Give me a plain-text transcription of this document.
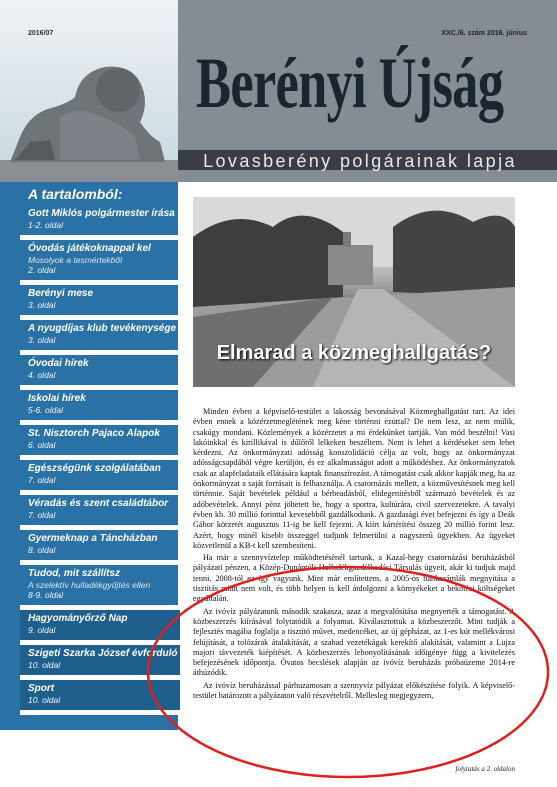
2016/07	XXC./6. szám 2016. június
Berényi Újság
Lovasberény polgárainak lapja
A tartalomból:
Gott Miklós polgármester írása
1-2. oldal
Óvodás játékoknappal kel
Mosolyok a tesmértekből
2. oldal
Berényi mese
3. oldal
A nyugdíjas klub tevékenysége
3. oldal
Óvodai hírek
4. oldal
Iskolai hírek
5-6. oldal
St. Nisztorch Pajaco Alapok
6. oldal
Egészségünk szolgálatában
7. oldal
Véradás és szent családtábor
7. oldal
Gyermeknap a Táncházban
8. oldal
Tudod, mit szállítsz
A szelektív hulladékgyűjtés ellen
8-9. oldal
Hagyományőrző Nap
9. oldal
Szigeti Szarka József évforduló
10. oldal
Sport
10. oldal
Elmarad a közmeghallgatás?

Minden évben a képviselő-testület a lakosság bevonásával Közmeghallgatást tart. Az idei évben ennek a közérzetmeglétének meg kéne történni ezúttal? De nem lesz, az nem múlik, csakúgy mondani. Közlemények a közérzetet a mi érdekünket tartják. Van mód beszélni! Vasi lakóinkkal és kirillikával is dűlőről lelkeken beszéltem. Nem is lehet a kérdéseket sem lehet kérdezni. Az önkormányzati adósság konszolidáció célja az volt, hogy az önkormányzat adósságcsapdából végre kerüljön, és ez alkalmasságot adott a működéshez. Az önkormányzatok csak az alapfeladataik ellátására kaptak finanszírozást. A támogatást csak akkor kapják meg, ha az önkormányzat a saját forrásait is felhasználja. A csatornázás mellett, a közművesítésnek meg kell történnie. Saját bevételek például a bérbeadásból, elidegenítésből származó bevételek és az adóbevételek. Annyi pénz jöhetett be, hogy a sportra, kultúrára, civil szervezetekre. A tavalyi évben kb. 30 millió forinttal kevesebből gazdálkodunk. A gazdasági évet befejezni és így a Deák Gábor körzetét augusztus 11-ig be kell fejezni. A kiírt kártérítési összeg 20 millió forint lesz. Azért, hogy minél kisebb összeggel tudjunk felmerülni a nagyszerű ügyekben. Az ügyeket közvetlenül a KB-t kell szembesíteni.

Ha már a szennyvíztelep működtetésénél tartunk, a Kazal-hegy csatornázási beruházásból pályázati pénzen, a Közép-Dunántúli Hulladékgazdálkodási Társulás ügyeit, akár ki tudjuk majd tenni. 2008-tól ez így vagyunk. Mint már említettem, a 2005-ös bankszámlák megnyitása a tisztítás miatt nem volt, és több helyen is kell átdolgozni a környékeket a bekötési költségeket egyáltalán.

Az ivóvíz pályázatunk második szakasza, azaz a megvalósítása megnyerték a támogatást. A közbeszerzés kiírásával folytatódik a folyamat. Kiválasztottuk a közbeszerzőt. Mint tudják a fejlesztés magába foglalja a tisztító művet, medencéket, az új gépházat, az 1-es kút mellékvárosi felújítását, a tolózárak átalakítását, a szabad vezetékágak kerekítő alakítását, valamint a Lujza majori távvezeték kiépítését. A közbeszerzés lebonyolításának időigénye függ a kivitelezés befejezésének időpontja. Óvatos becslések alapján az ivóvíz beruházás próbaüzeme 2014-re áthúzódik.

Az ivóvíz beruházással párhuzamosan a szennyvíz pályázat előkészítése folyik. A képviselő-testület határozott a pályázaton való részvételről. Mellesleg megjegyzem,

folytatás a 2. oldalon
